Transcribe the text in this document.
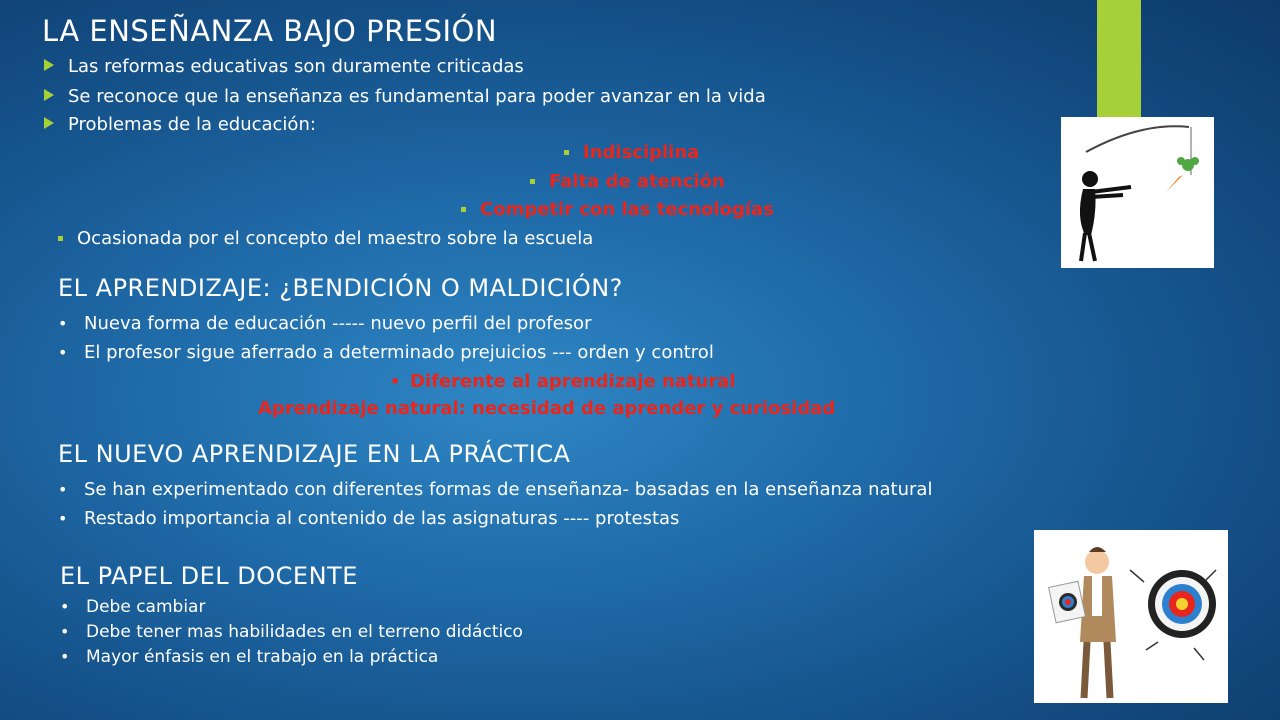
LA ENSEÑANZA BAJO PRESIÓN
Las reformas educativas son duramente criticadas
Se reconoce que la enseñanza es fundamental para poder avanzar en la vida
Problemas de la educación:
Indisciplina
Falta de atención
Competir con las tecnologías
Ocasionada por el concepto del maestro sobre la escuela
EL APRENDIZAJE: ¿BENDICIÓN O MALDICIÓN?
• Nueva forma de educación ----- nuevo perfil del profesor
• El profesor sigue aferrado a determinado prejuicios --- orden y control
• Diferente al aprendizaje natural
Aprendizaje natural: necesidad de aprender y curiosidad
EL NUEVO APRENDIZAJE EN LA PRÁCTICA
• Se han experimentado con diferentes formas de enseñanza- basadas en la enseñanza natural
• Restado importancia al contenido de las asignaturas ---- protestas
EL PAPEL DEL DOCENTE
• Debe cambiar
• Debe tener mas habilidades en el terreno didáctico
• Mayor énfasis en el trabajo en la práctica
